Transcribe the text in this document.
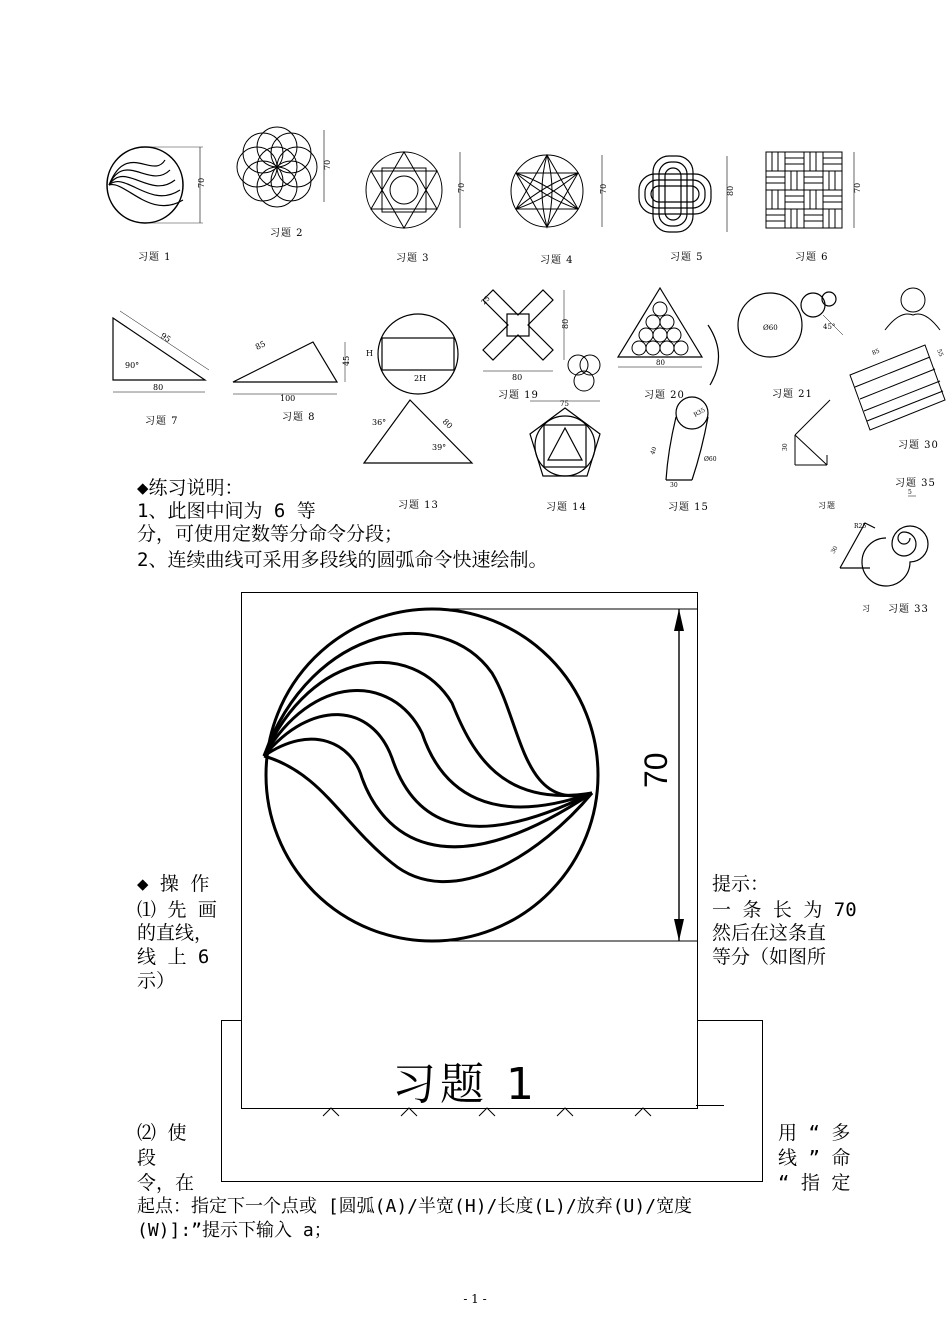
70
习题 1
70
习题 2
70
习题 3
70
习题 4
80
习题 5
70
习题 6
95
90°
80
习题 7
85
45
100
习题 8
2H
H
36°	80
39°
习题 13
25
80
80
习题 19
75
习题 14
80
习题 20
R35
Ø60
30
40
习题 15
Ø60	45°
习题 21
85	55
习题 30
30
习题 35
习题
5
30
R25
习 习题 33
◆练习说明：
1、此图中间为 6 等
分，可使用定数等分命令分段；
2、连续曲线可采用多段线的圆弧命令快速绘制。
70
习题 1
◆ 操 作
⑴ 先 画
的直线，
线 上 6
示）
提示：
一 条 长 为 70
然后在这条直
等分（如图所
⑵ 使
段
令，在
用 “ 多
线 ” 命
“ 指 定
起点：指定下一个点或 [圆弧(A)/半宽(H)/长度(L)/放弃(U)/宽度
(W)]:”提示下输入 a；
- 1 -
